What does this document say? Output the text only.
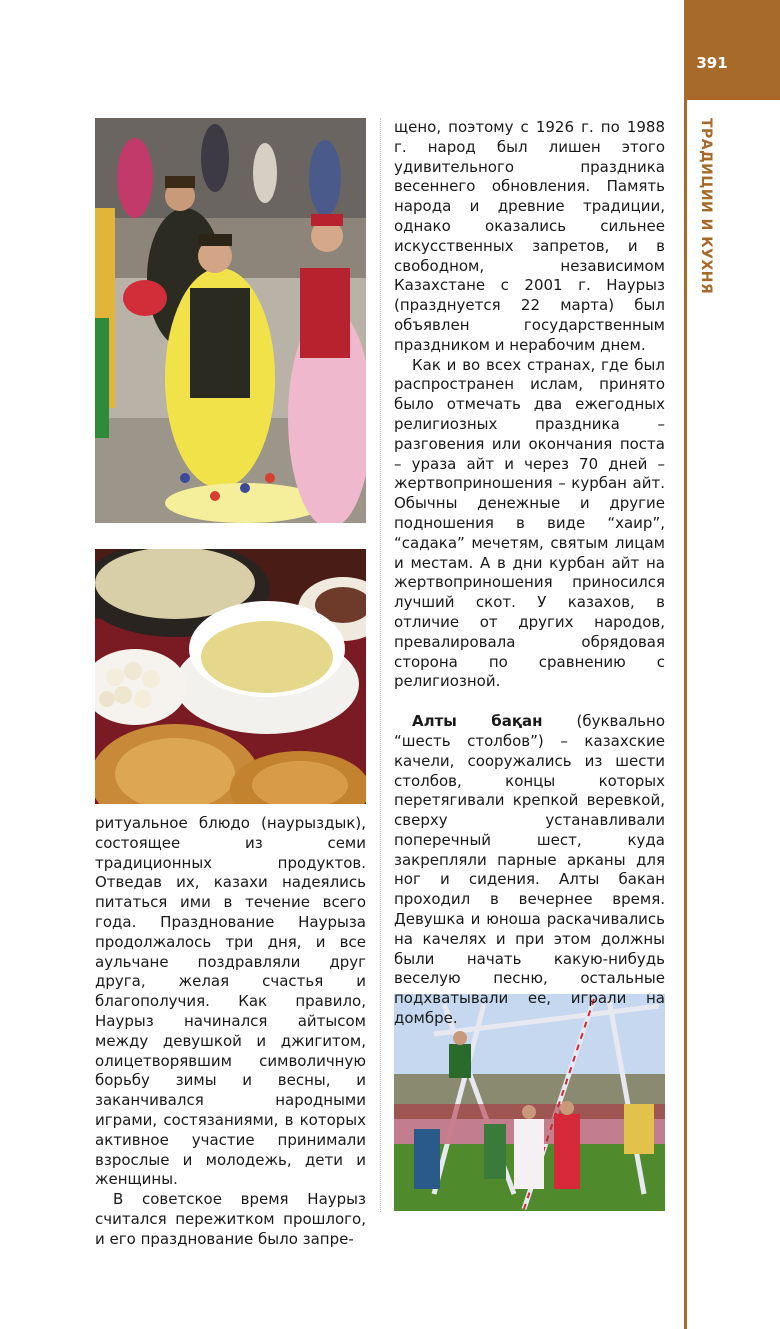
391
ТРАДИЦИИ И КУХНЯ

ритуальное блюдо (наурыздык), состоящее из семи традиционных продуктов. Отведав их, казахи надеялись питаться ими в течение всего года. Празднование Наурыза продолжалось три дня, и все аульчане поздравляли друг друга, желая счастья и благополучия. Как правило, Наурыз начинался айтысом между девушкой и джигитом, олицетворявшим символичную борьбу зимы и весны, и заканчивался народными играми, состязаниями, в которых активное участие принимали взрослые и молодежь, дети и женщины.

В советское время Наурыз считался пережитком прошлого, и его празднование было запре-

щено, поэтому с 1926 г. по 1988 г. народ был лишен этого удивительного праздника весеннего обновления. Память народа и древние традиции, однако оказались сильнее искусственных запретов, и в свободном, независимом Казахстане с 2001 г. Наурыз (празднуется 22 марта) был объявлен государственным праздником и нерабочим днем.

Как и во всех странах, где был распространен ислам, принято было отмечать два ежегодных религиозных праздника – разговения или окончания поста – ураза айт и через 70 дней – жертвоприношения – курбан айт. Обычны денежные и другие подношения в виде “хаир”, “садака” мечетям, святым лицам и местам. А в дни курбан айт на жертвоприношения приносился лучший скот. У казахов, в отличие от других народов, превалировала обрядовая сторона по сравнению с религиозной.

Алты бақан (буквально “шесть столбов”) – казахские качели, сооружались из шести столбов, концы которых перетягивали крепкой веревкой, сверху устанавливали поперечный шест, куда закрепляли парные арканы для ног и сидения. Алты бакан проходил в вечернее время. Девушка и юноша раскачивались на качелях и при этом должны были начать какую-нибудь веселую песню, остальные подхватывали ее, играли на домбре.
